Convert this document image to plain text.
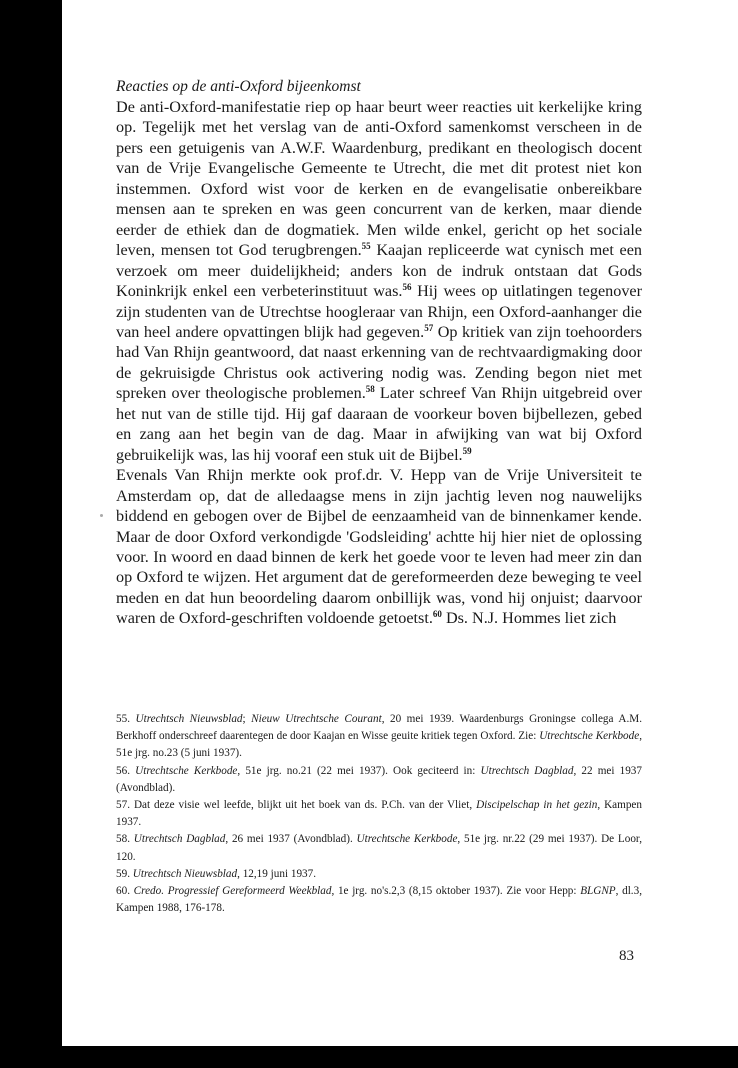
Reacties op de anti-Oxford bijeenkomst

De anti-Oxford-manifestatie riep op haar beurt weer reacties uit kerkelijke kring op. Tegelijk met het verslag van de anti-Oxford samenkomst verscheen in de pers een getuigenis van A.W.F. Waardenburg, predikant en theologisch docent van de Vrije Evangelische Gemeente te Utrecht, die met dit protest niet kon instemmen. Oxford wist voor de kerken en de evangelisatie onbereikbare mensen aan te spreken en was geen concurrent van de kerken, maar diende eerder de ethiek dan de dogmatiek. Men wilde enkel, gericht op het sociale leven, mensen tot God terugbrengen.$^{55}$ Kaajan repliceerde wat cynisch met een verzoek om meer duidelijkheid; anders kon de indruk ontstaan dat Gods Koninkrijk enkel een verbeterinstituut was.$^{56}$ Hij wees op uitlatingen tegenover zijn studenten van de Utrechtse hoogleraar van Rhijn, een Oxford-aanhanger die van heel andere opvattingen blijk had gegeven.$^{57}$ Op kritiek van zijn toehoorders had Van Rhijn geantwoord, dat naast erkenning van de rechtvaardigmaking door de gekruisigde Christus ook activering nodig was. Zending begon niet met spreken over theologische problemen.$^{58}$ Later schreef Van Rhijn uitgebreid over het nut van de stille tijd. Hij gaf daaraan de voorkeur boven bijbellezen, gebed en zang aan het begin van de dag. Maar in afwijking van wat bij Oxford gebruikelijk was, las hij vooraf een stuk uit de Bijbel.$^{59}$

Evenals Van Rhijn merkte ook prof.dr. V. Hepp van de Vrije Universiteit te Amsterdam op, dat de alledaagse mens in zijn jachtig leven nog nauwelijks biddend en gebogen over de Bijbel de eenzaamheid van de binnenkamer kende. Maar de door Oxford verkondigde 'Godsleiding' achtte hij hier niet de oplossing voor. In woord en daad binnen de kerk het goede voor te leven had meer zin dan op Oxford te wijzen. Het argument dat de gereformeerden deze beweging te veel meden en dat hun beoordeling daarom onbillijk was, vond hij onjuist; daarvoor waren de Oxford-geschriften voldoende getoetst.$^{60}$ Ds. N.J. Hommes liet zich

55. Utrechtsch Nieuwsblad; Nieuw Utrechtsche Courant, 20 mei 1939. Waardenburgs Groningse collega A.M. Berkhoff onderschreef daarentegen de door Kaajan en Wisse geuite kritiek tegen Oxford. Zie: Utrechtsche Kerkbode, 51e jrg. no.23 (5 juni 1937).

56. Utrechtsche Kerkbode, 51e jrg. no.21 (22 mei 1937). Ook geciteerd in: Utrechtsch Dagblad, 22 mei 1937 (Avondblad).

57. Dat deze visie wel leefde, blijkt uit het boek van ds. P.Ch. van der Vliet, Discipelschap in het gezin, Kampen 1937.

58. Utrechtsch Dagblad, 26 mei 1937 (Avondblad). Utrechtsche Kerkbode, 51e jrg. nr.22 (29 mei 1937). De Loor, 120.

59. Utrechtsch Nieuwsblad, 12,19 juni 1937.

60. Credo. Progressief Gereformeerd Weekblad, 1e jrg. no's.2,3 (8,15 oktober 1937). Zie voor Hepp: BLGNP, dl.3, Kampen 1988, 176-178.

83
